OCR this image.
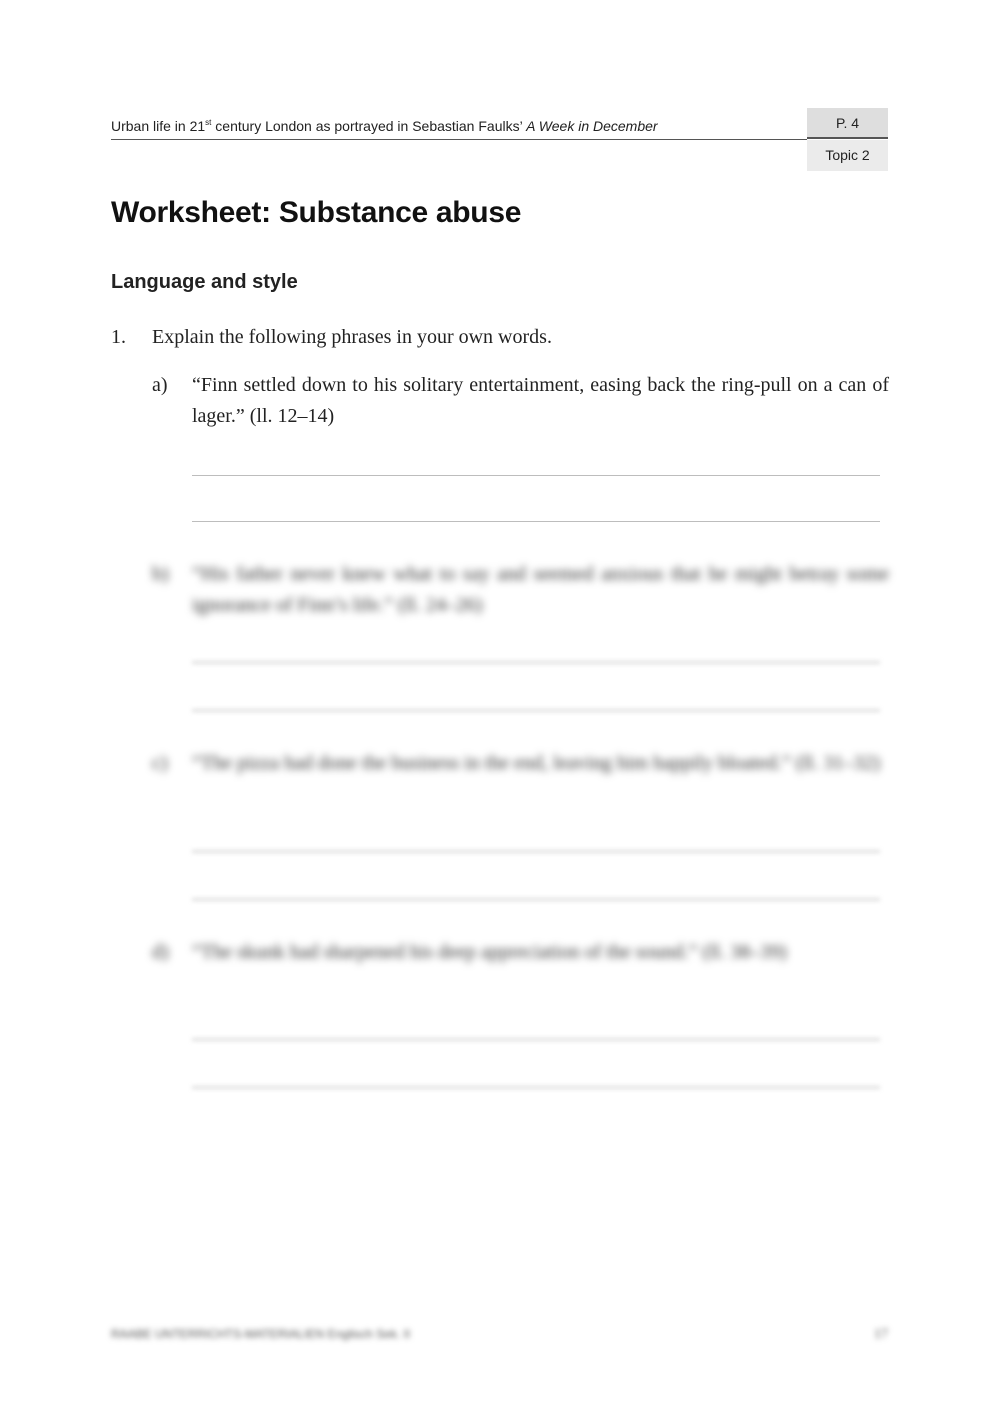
Urban life in 21st century London as portrayed in Sebastian Faulks’ A Week in December	P. 4
Topic 2
Worksheet: Substance abuse
Language and style
1. Explain the following phrases in your own words.
a) “Finn settled down to his solitary entertainment, easing back the ring-pull on a can of lager.” (ll. 12–14)
b) “His father never knew what to say and seemed anxious that he might betray some ignorance of Finn’s life.” (ll. 24–26)
c) “The pizza had done the business in the end, leaving him happily bloated.” (ll. 31–32)
d) “The skunk had sharpened his deep appreciation of the sound.” (ll. 38–39)
RAABE UNTERRICHTS-MATERIALIEN Englisch Sek. II	17
